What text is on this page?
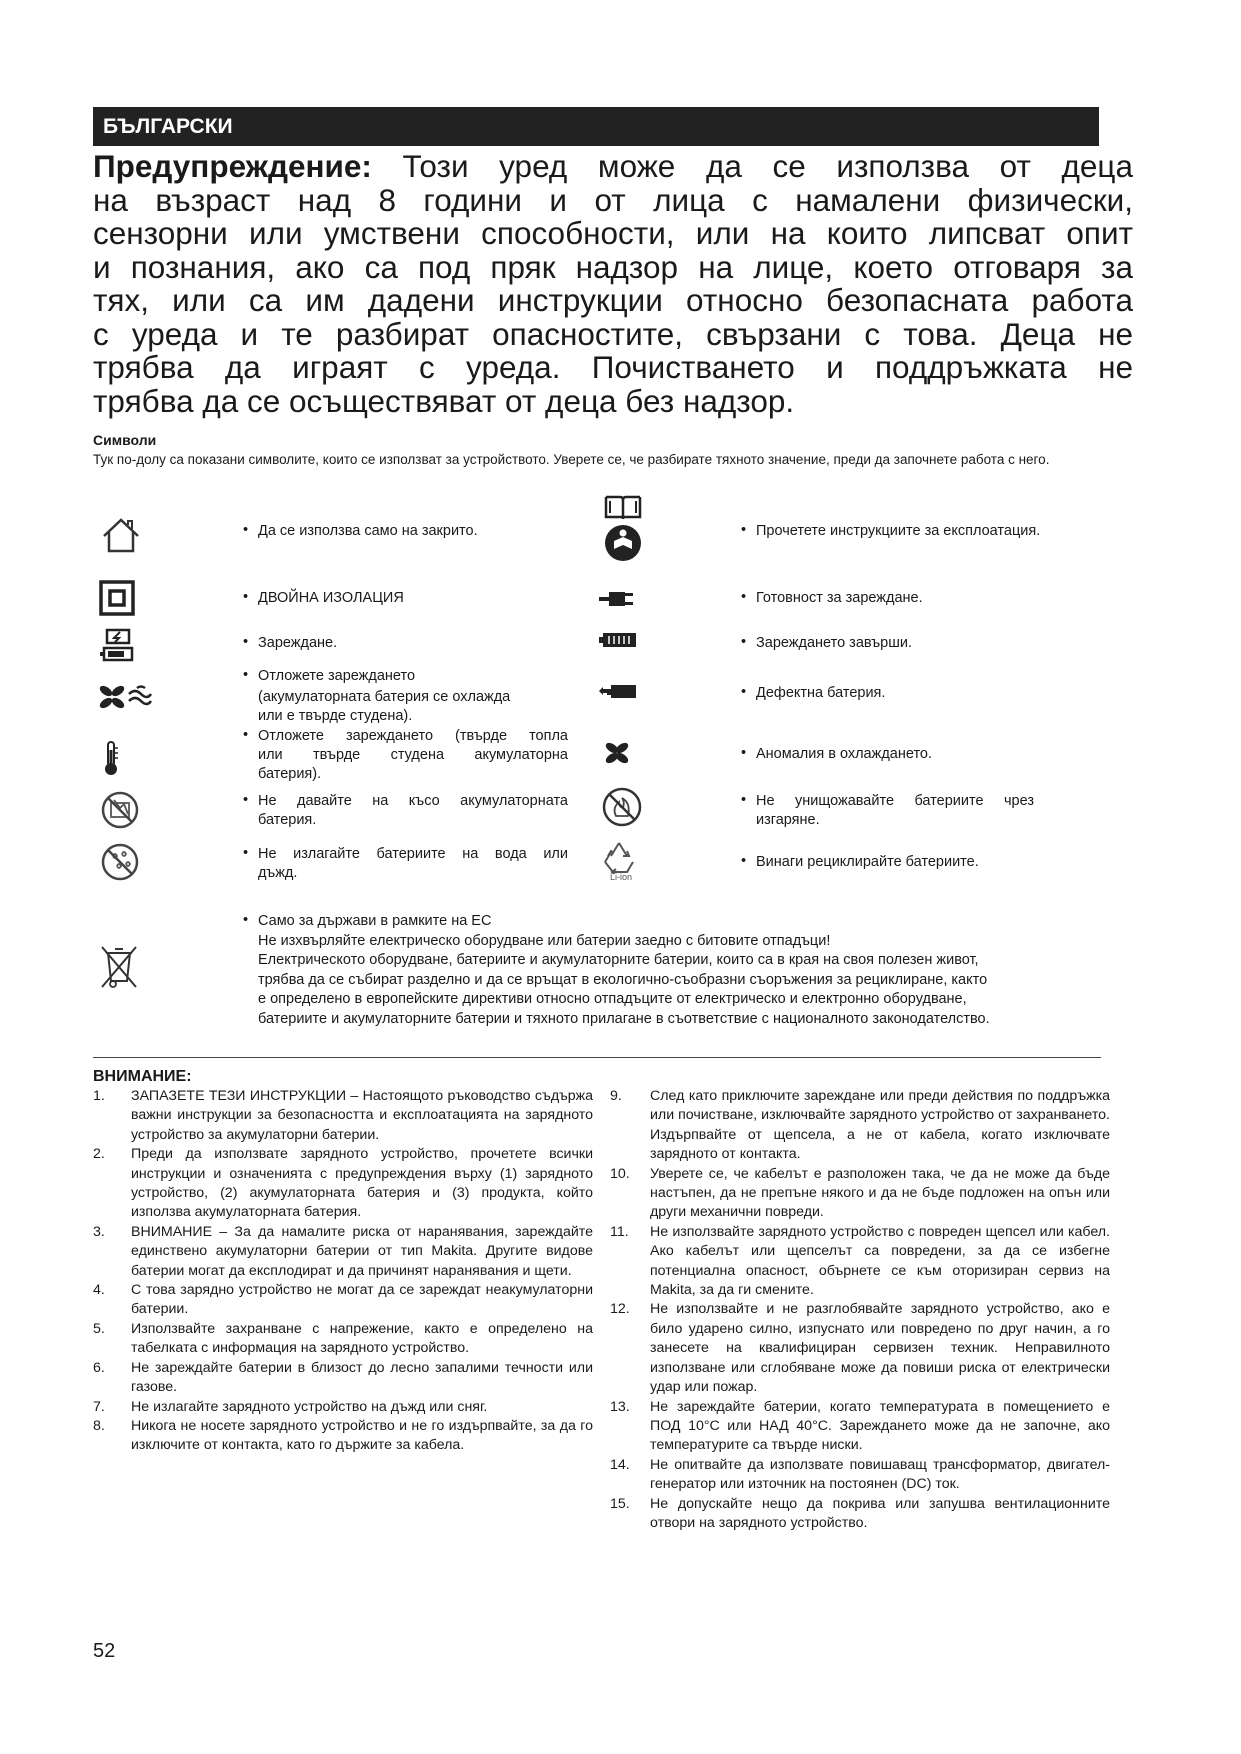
БЪЛГАРСКИ
Предупреждение: Този уред може да се използва от деца
на възраст над 8 години и от лица с намалени физически,
сензорни или умствени способности, или на които липсват опит
и познания, ако са под пряк надзор на лице, което отговаря за
тях, или са им дадени инструкции относно безопасната работа
с уреда и те разбират опасностите, свързани с това. Деца не
трябва да играят с уреда. Почистването и поддръжката не
трябва да се осъществяват от деца без надзор.
Символи
Тук по-долу са показани символите, които се използват за устройството. Уверете се, че разбирате тяхното значение, преди да започнете работа с него.
• Да се използва само на закрито.
• ДВОЙНА ИЗОЛАЦИЯ
• Зареждане.
• Отложете зареждането
(акумулаторната батерия се охлажда
или е твърде студена).
• Отложете зареждането (твърде топла
или твърде студена акумулаторна
батерия).
• Не давайте на късо акумулаторната
батерия.
• Не излагайте батериите на вода или
дъжд.	Li-ion
• Прочетете инструкциите за експлоатация.
• Готовност за зареждане.
• Зареждането завърши.
• Дефектна батерия.
• Аномалия в охлаждането.
• Не унищожавайте батериите чрез
изгаряне.
• Винаги рециклирайте батериите.
• Само за държави в рамките на ЕС
Не изхвърляйте електрическо оборудване или батерии заедно с битовите отпадъци!
Електрическото оборудване, батериите и акумулаторните батерии, които са в края на своя полезен живот,
трябва да се събират разделно и да се връщат в екологично-съобразни съоръжения за рециклиране, както
е определено в европейските директиви относно отпадъците от електрическо и електронно оборудване,
батериите и акумулаторните батерии и тяхното прилагане в съответствие с националното законодателство.
ВНИМАНИЕ:

1. ЗАПАЗЕТЕ ТЕЗИ ИНСТРУКЦИИ – Настоящото ръководство съдържа важни инструкции за безопасността и експлоатацията на зарядното устройство за акумулаторни батерии.

2. Преди да използвате зарядното устройство, прочетете всички инструкции и означенията с предупреждения върху (1) зарядното устройство, (2) акумулаторната батерия и (3) продукта, който използва акумулаторната батерия.

3. ВНИМАНИЕ – За да намалите риска от наранявания, зареждайте единствено акумулаторни батерии от тип Makita. Другите видове батерии могат да експлодират и да причинят наранявания и щети.

4. С това зарядно устройство не могат да се зареждат неакумулаторни батерии.

5. Използвайте захранване с напрежение, както е определено на табелката с информация на зарядното устройство.

6. Не зареждайте батерии в близост до лесно запалими течности или газове.

7. Не излагайте зарядното устройство на дъжд или сняг.

8. Никога не носете зарядното устройство и не го издърпвайте, за да го изключите от контакта, като го държите за кабела.

9. След като приключите зареждане или преди действия по поддръжка или почистване, изключвайте зарядното устройство от захранването. Издърпвайте от щепсела, а не от кабела, когато изключвате зарядното от контакта.

10. Уверете се, че кабелът е разположен така, че да не може да бъде настъпен, да не препъне някого и да не бъде подложен на опън или други механични повреди.

11. Не използвайте зарядното устройство с повреден щепсел или кабел. Ако кабелът или щепселът са повредени, за да се избегне потенциална опасност, обърнете се към оторизиран сервиз на Makita, за да ги смените.

12. Не използвайте и не разглобявайте зарядното устройство, ако е било ударено силно, изпуснато или повредено по друг начин, а го занесете на квалифициран сервизен техник. Неправилното използване или сглобяване може да повиши риска от електрически удар или пожар.

13. Не зареждайте батерии, когато температурата в помещението е ПОД 10°C или НАД 40°C. Зареждането може да не започне, ако температурите са твърде ниски.

14. Не опитвайте да използвате повишаващ трансформатор, двигател-генератор или източник на постоянен (DC) ток.

15. Не допускайте нещо да покрива или запушва вентилационните отвори на зарядното устройство.

52
